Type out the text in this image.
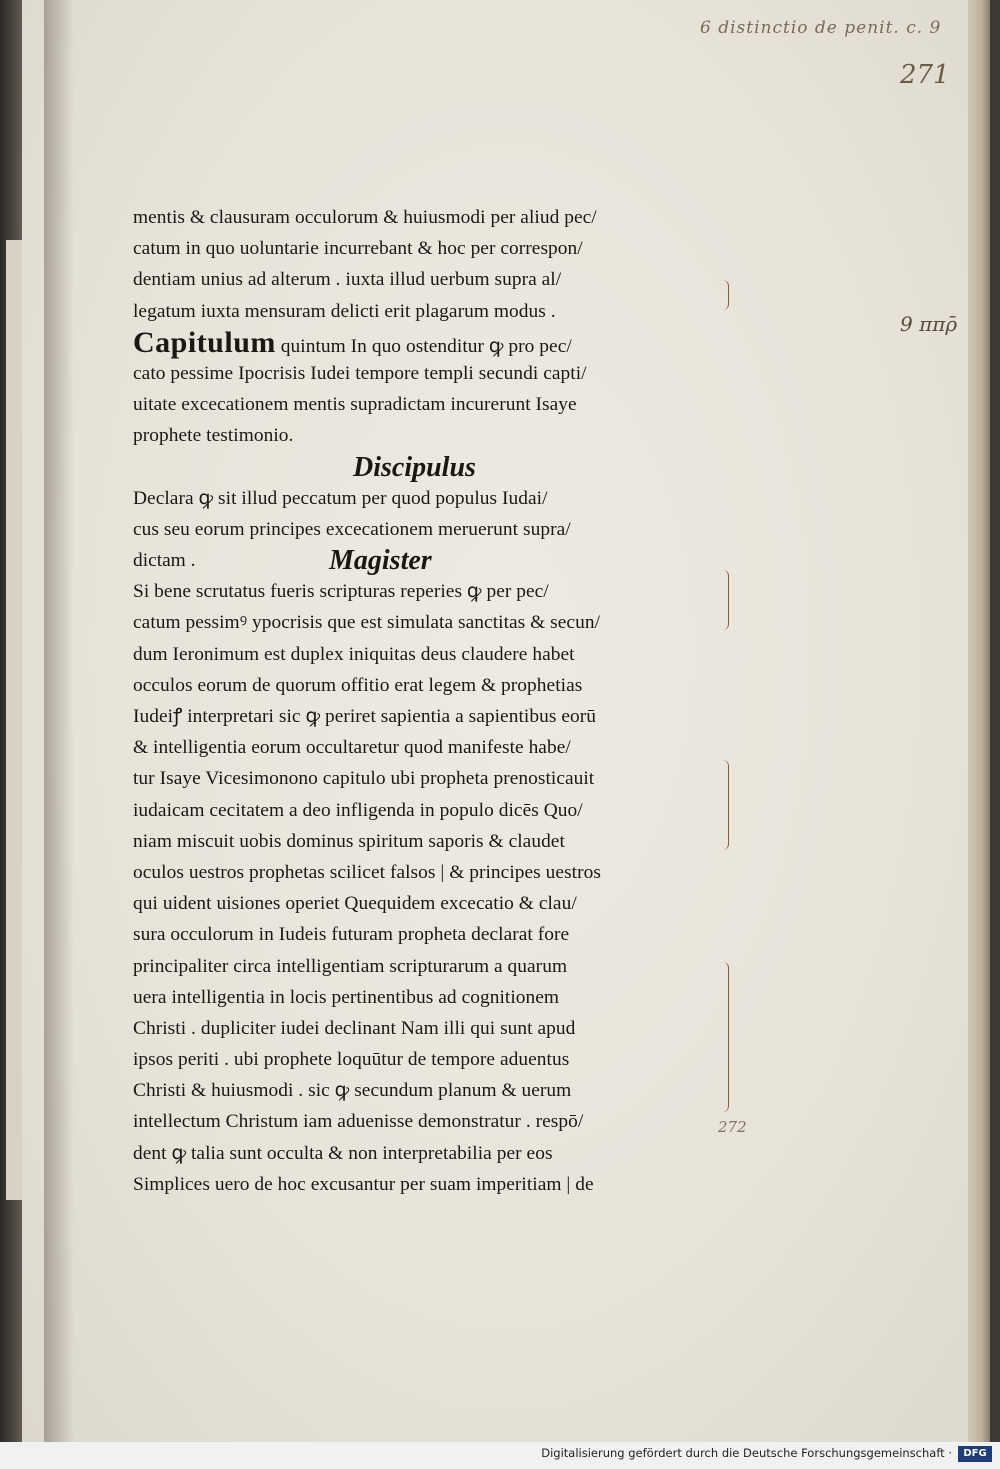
6 distinctio de penit. c. 9
271
9 ππρ̄
mentis & clausuram occulorum & huiusmodi per aliud pec/
catum in quo uoluntarie incurrebant & hoc per correspon/
dentiam unius ad alterum . iuxta illud uerbum supra al/
legatum iuxta mensuram delicti erit plagarum modus .
Capitulum quintum In quo ostenditur ꝙ pro pec/
cato pessime Ipocrisis Iudei tempore templi secundi capti/
uitate excecationem mentis supradictam incurerunt Isaye
prophete testimonio.
Discipulus
Declara ꝙ sit illud peccatum per quod populus Iudai/
cus seu eorum principes excecationem meruerunt supra/
dictam .	Magister
Si bene scrutatus fueris scripturas reperies ꝙ per pec/
catum pessimꝰ ypocrisis que est simulata sanctitas & secun/
dum Ieronimum est duplex iniquitas deus claudere habet
occulos eorum de quorum offitio erat legem & prophetias
Iudeiꝭ interpretari sic ꝙ periret sapientia a sapientibus eorū
& intelligentia eorum occultaretur quod manifeste habe/
tur Isaye Vicesimonono capitulo ubi propheta prenosticauit
iudaicam cecitatem a deo infligenda in populo dicēs Quo/
niam miscuit uobis dominus spiritum saporis & claudet
oculos uestros prophetas scilicet falsos | & principes uestros
qui uident uisiones operiet Quequidem excecatio & clau/
sura occulorum in Iudeis futuram propheta declarat fore
principaliter circa intelligentiam scripturarum a quarum
uera intelligentia in locis pertinentibus ad cognitionem
Christi . dupliciter iudei declinant Nam illi qui sunt apud
ipsos periti . ubi prophete loquūtur de tempore aduentus
Christi & huiusmodi . sic ꝙ secundum planum & uerum
intellectum Christum iam aduenisse demonstratur . respō/
dent ꝙ talia sunt occulta & non interpretabilia per eos
Simplices uero de hoc excusantur per suam imperitiam | de
272
Digitalisierung gefördert durch die Deutsche Forschungsgemeinschaft ·	DFG
